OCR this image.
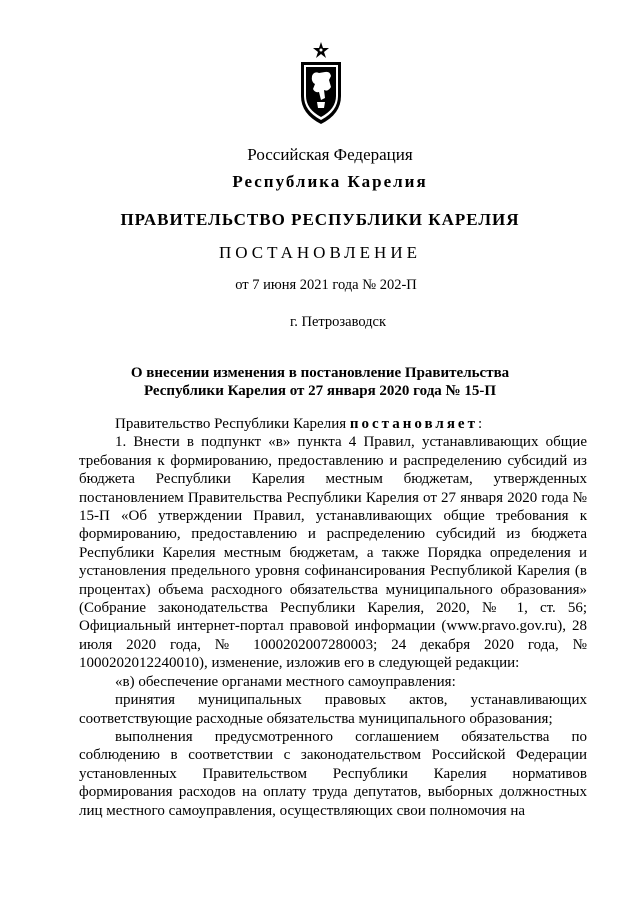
Российская Федерация
Республика Карелия
ПРАВИТЕЛЬСТВО РЕСПУБЛИКИ КАРЕЛИЯ
ПОСТАНОВЛЕНИЕ
от 7 июня 2021 года № 202-П
г. Петрозаводск
О внесении изменения в постановление Правительства
Республики Карелия от 27 января 2020 года № 15-П

Правительство Республики Карелия постановляет:

1. Внести в подпункт «в» пункта 4 Правил, устанавливающих общие требования к формированию, предоставлению и распределению субсидий из бюджета Республики Карелия местным бюджетам, утвержденных постановлением Правительства Республики Карелия от 27 января 2020 года № 15-П «Об утверждении Правил, устанавливающих общие требования к формированию, предоставлению и распределению субсидий из бюджета Республики Карелия местным бюджетам, а также Порядка определения и установления предельного уровня софинансирования Республикой Карелия (в процентах) объема расходного обязательства муниципального образования» (Собрание законодательства Республики Карелия, 2020, № 1, ст. 56; Официальный интернет-портал правовой информации (www.pravo.gov.ru), 28 июля 2020 года, № 1000202007280003; 24 декабря 2020 года, № 1000202012240010), изменение, изложив его в следующей редакции:

«в) обеспечение органами местного самоуправления:

принятия муниципальных правовых актов, устанавливающих соответствующие расходные обязательства муниципального образования;

выполнения предусмотренного соглашением обязательства по соблюдению в соответствии с законодательством Российской Федерации установленных Правительством Республики Карелия нормативов формирования расходов на оплату труда депутатов, выборных должностных лиц местного самоуправления, осуществляющих свои полномочия на
